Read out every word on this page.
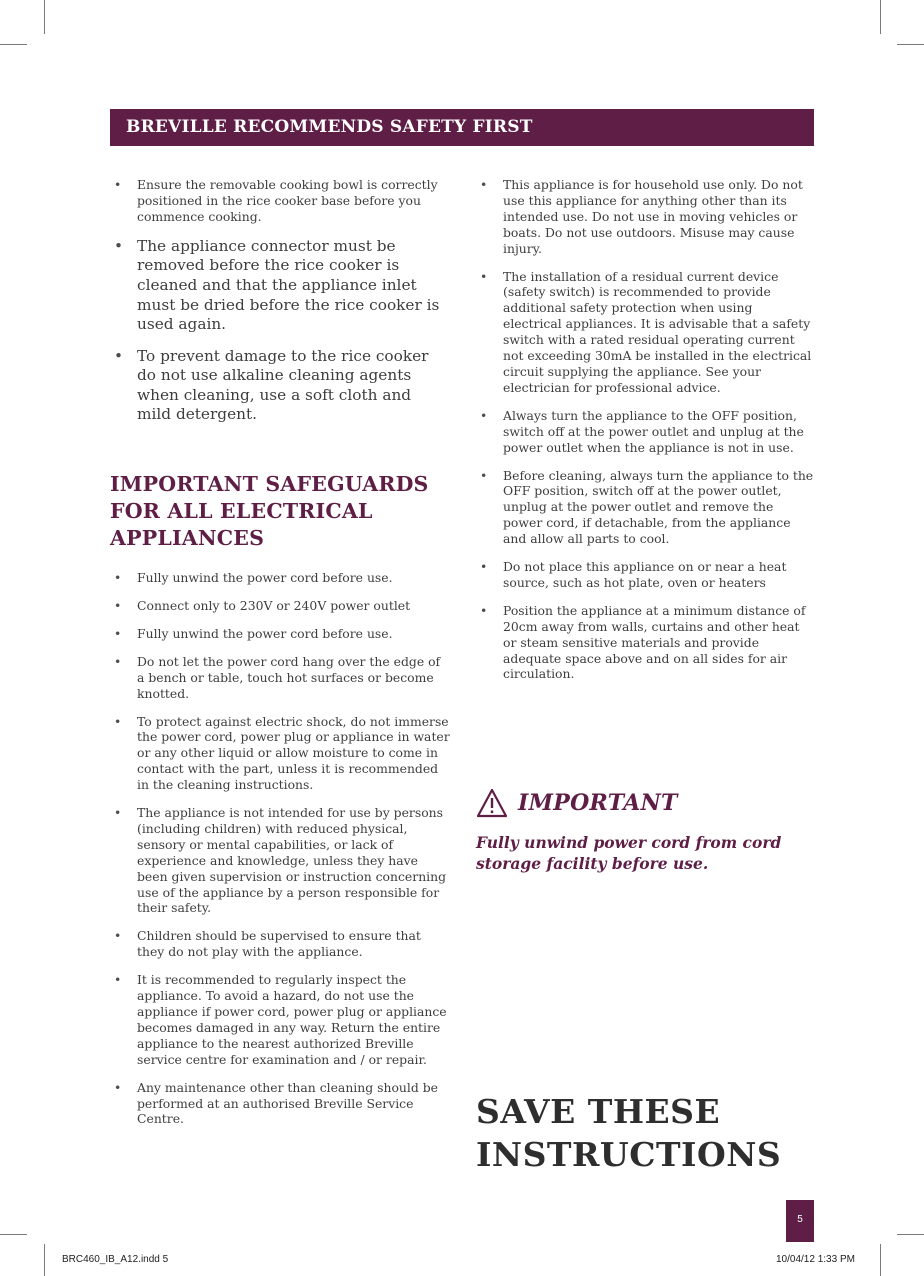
BREVILLE RECOMMENDS SAFETY FIRST
• Ensure the removable cooking bowl is correctly positioned in the rice cooker base before you commence cooking.
• The appliance connector must be removed before the rice cooker is cleaned and that the appliance inlet must be dried before the rice cooker is used again.
• To prevent damage to the rice cooker do not use alkaline cleaning agents when cleaning, use a soft cloth and mild detergent.
IMPORTANT SAFEGUARDS FOR ALL ELECTRICAL APPLIANCES
• Fully unwind the power cord before use.
• Connect only to 230V or 240V power outlet
• Fully unwind the power cord before use.
• Do not let the power cord hang over the edge of a bench or table, touch hot surfaces or become knotted.
• To protect against electric shock, do not immerse the power cord, power plug or appliance in water or any other liquid or allow moisture to come in contact with the part, unless it is recommended in the cleaning instructions.
• The appliance is not intended for use by persons (including children) with reduced physical, sensory or mental capabilities, or lack of experience and knowledge, unless they have been given supervision or instruction concerning use of the appliance by a person responsible for their safety.
• Children should be supervised to ensure that they do not play with the appliance.
• It is recommended to regularly inspect the appliance. To avoid a hazard, do not use the appliance if power cord, power plug or appliance becomes damaged in any way. Return the entire appliance to the nearest authorized Breville service centre for examination and / or repair.
• Any maintenance other than cleaning should be performed at an authorised Breville Service Centre.
• This appliance is for household use only. Do not use this appliance for anything other than its intended use. Do not use in moving vehicles or boats. Do not use outdoors. Misuse may cause injury.
• The installation of a residual current device (safety switch) is recommended to provide additional safety protection when using electrical appliances. It is advisable that a safety switch with a rated residual operating current not exceeding 30mA be installed in the electrical circuit supplying the appliance. See your electrician for professional advice.
• Always turn the appliance to the OFF position, switch off at the power outlet and unplug at the power outlet when the appliance is not in use.
• Before cleaning, always turn the appliance to the OFF position, switch off at the power outlet, unplug at the power outlet and remove the power cord, if detachable, from the appliance and allow all parts to cool.
• Do not place this appliance on or near a heat source, such as hot plate, oven or heaters
• Position the appliance at a minimum distance of 20cm away from walls, curtains and other heat or steam sensitive materials and provide adequate space above and on all sides for air circulation.
IMPORTANT
Fully unwind power cord from cord storage facility before use.
SAVE THESE INSTRUCTIONS
5
BRC460_IB_A12.indd 5	10/04/12 1:33 PM
